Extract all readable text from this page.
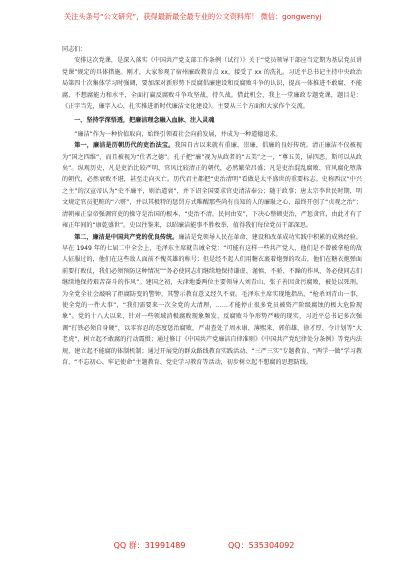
关注头条号“公文研究”，获得最新最全最专业的公文资料库！ 微信：gongwenyj

同志们：

安排这次党课，是深入落实《中国共产党支部工作条例（试行）》关于“党员领导干部应当定期为基层党员讲党课”规定的具体措施。刚才，大家参观了宿州廉政教育点 xx，接受了 xx 的洗礼。习近平总书记主持中央政治局第四十次集体学习时强调，要加深对新形势下反腐倡廉建设和反腐败斗争的认识，提高一体推进不敢腐、不能腐、不想腐能力和水平，全面打赢反腐败斗争攻坚战、持久战。借此机会，我上一堂廉政专题党课，题目是：《正字当先，廉字入心，扎实推进新时代廉洁文化建设》。主要从三个方面和大家作个交流。

一、坚持学深悟透，把廉洁理念融入血脉、注入灵魂

“廉洁”作为一种价值取向，始终引领着社会向前发展，并成为一种道德追求。

第一，廉洁是历朝历代的吏治法宝。我国自古以来就有重廉、崇廉、倡廉的良好传统。清正廉洁不仅被视为“国之四维”，而且被视为“仕者之德”。孔子把“廉”视为从政者的“五美”之一，“尊五美，屏四恶，斯可以从政矣”。纵观历史，凡是吏治比较严明、官风比较清正的朝代，必然繁荣昌盛；凡是吏治混乱腐败、官风腐化堕落的朝代，必然衰败不堪，甚至走向灭亡。历代君主都把“吏治清明”看做是太平盛世的重要标志。史称西汉“中兴之主”的汉宣帝认为“史不廉平，则治道衰”，并下诏全国要求官吏清洁奉公；随于政事；唐太宗李世民时期，明文规定官员犯赃的“六赃”，并以其极特的惩罚方式唯醒那些尚有良知的人的廉耻之心，最终开创了“贞观之治”；清朝雍正皇帝强调官吏的操守是治国的根本，“吏治不清，民何由安”，下决心整顿吏治，严惩贪官，由此才有了雍正年间的“康乾盛世”。史以往鉴来，以昭廉洁能事不胜枚举，值得我们每位党员干部深思。

第二，廉洁是中国共产党的优良传统。廉洁是党领导人民在革命、建设和改革成功实践中积累的成熟经验。早在 1949 年的七届二中全会上，毛泽东主席就告诫全党：“可能有这样一些共产党人，他们是不曾被拿枪的敌人征服过的，他们在这些敌人面前不愧英雄的称号；但是经不起人们用糖衣裹着炮弹的攻击，他们在糖衣炮弹面前要打败仗，我们必须预防这种情况”“务必使同志们继续地保持谦虚、谨慎、不骄、不躁的作风，务必使同志们继续地保持艰苦奋斗的作风”。建国之初，天津地委两位主要领导人刘青山、张子善因贪污腐败，被处以死刑。为全党全社会敲响了拒腐防变的警钟，其警示教育意义经久不衰。毛泽东主席实现地指出，“枪杀刘青山一事，使全党的一件大事”，“我们需要来一次全党的大清理，……才能停止很多党员被资产阶级腐蚀的极大危险现象”。党的十八大以来，针对一些领域消极腐败现象频发、反腐败斗争形势严峻的现实，习近平总书记多次强调“打铁必须自身硬”，以零容忍的态度惩治腐败，严肃查处了周永康、薄熙来、郭伯雄、徐才厚、令计划等“大老虎”，树立起不敢腐的行动震慑；通过修订《中国共产党廉洁自律准则》《中国共产党纪律处分条例》等党内法规，建立起不能腐的体制机制；通过开展党的群众路线教育实践活动、“三严三实”专题教育、“两学一做”学习教育、“不忘初心、牢记使命”主题教育、党史学习教育等活动，初步树立起不想腐的思想防线。

QQ 群：31991489	QQ：535304092
